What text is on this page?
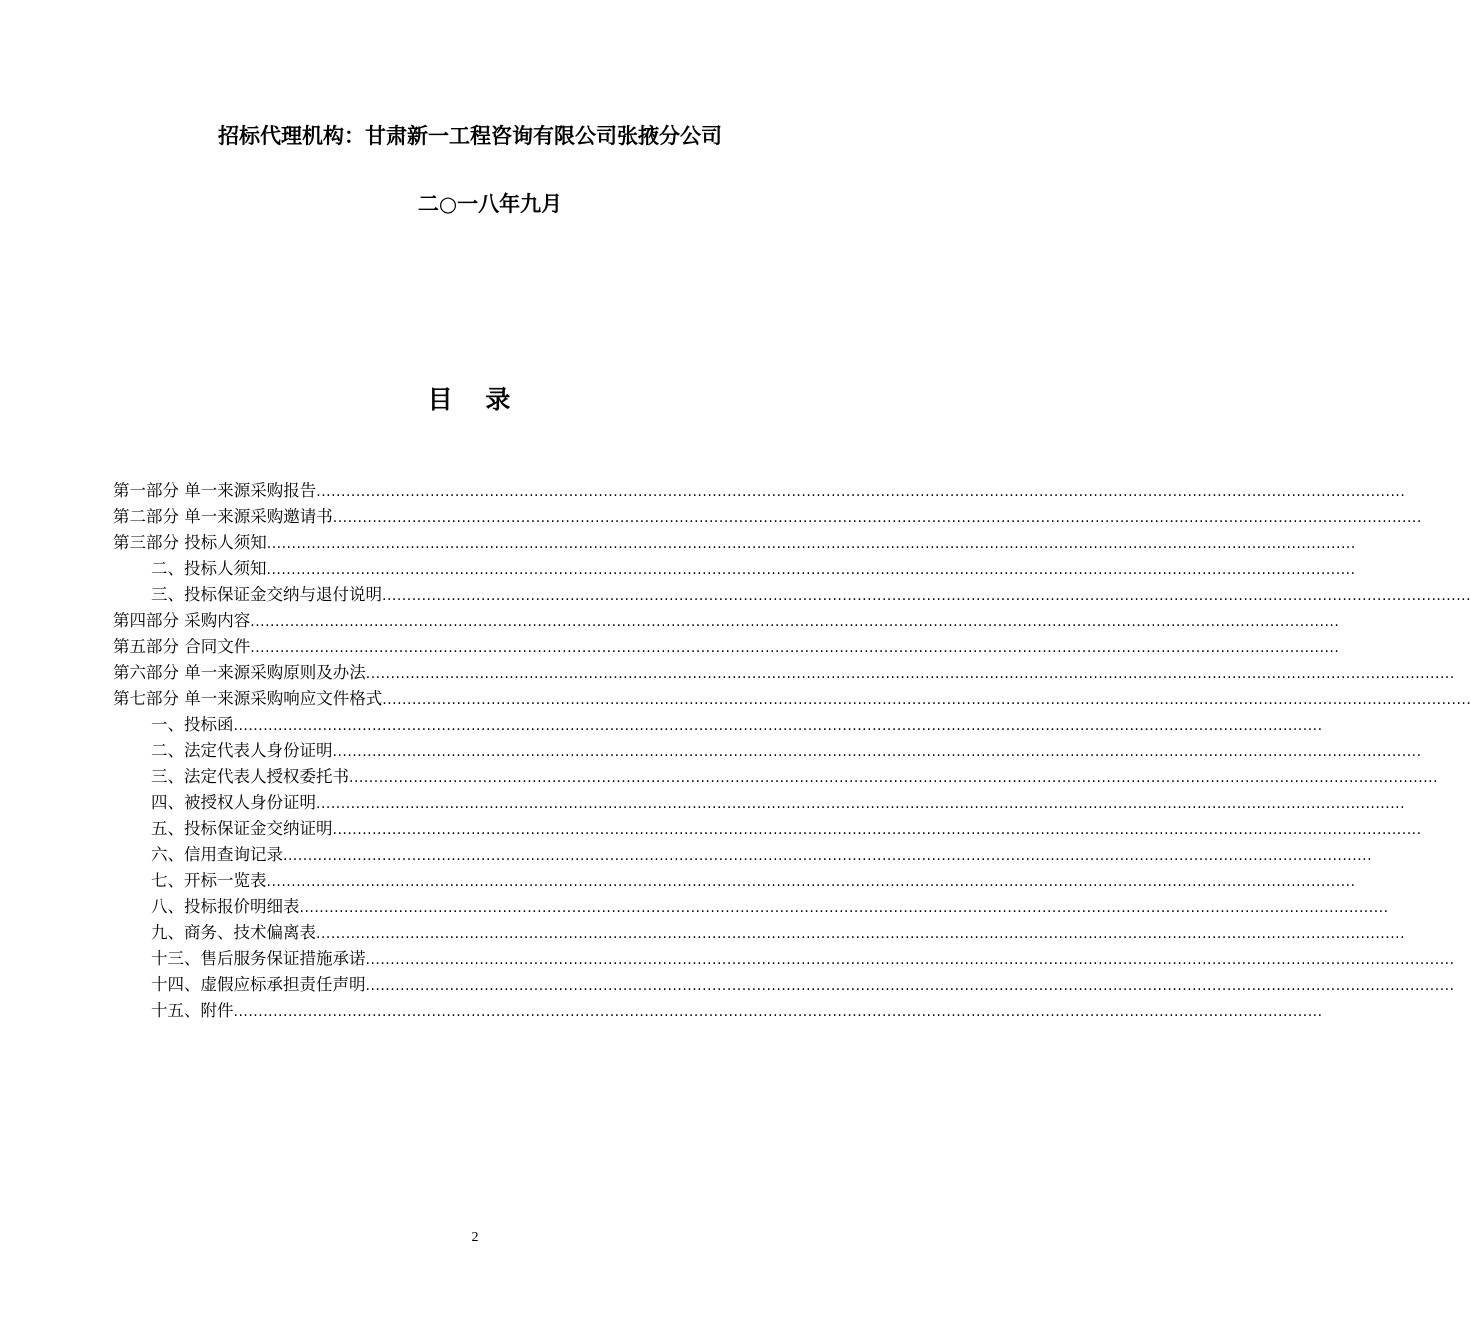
招标代理机构：甘肃新一工程咨询有限公司张掖分公司
二○一八年九月
目 录
第一部分 单一来源采购报告 ............................................................................................................................................................................................................................
第二部分 单一来源采购邀请书 ............................................................................................................................................................................................................................
第三部分 投标人须知 ............................................................................................................................................................................................................................
二、投标人须知 ............................................................................................................................................................................................................................
三、投标保证金交纳与退付说明 ............................................................................................................................................................................................................................
第四部分 采购内容 ............................................................................................................................................................................................................................
第五部分 合同文件 ............................................................................................................................................................................................................................
第六部分 单一来源采购原则及办法 ............................................................................................................................................................................................................................
第七部分 单一来源采购响应文件格式 ............................................................................................................................................................................................................................
一、投标函 ............................................................................................................................................................................................................................
二、法定代表人身份证明 ............................................................................................................................................................................................................................
三、法定代表人授权委托书 ............................................................................................................................................................................................................................
四、被授权人身份证明 ............................................................................................................................................................................................................................
五、投标保证金交纳证明 ............................................................................................................................................................................................................................
六、信用查询记录 ............................................................................................................................................................................................................................
七、开标一览表 ............................................................................................................................................................................................................................
八、投标报价明细表 ............................................................................................................................................................................................................................
九、商务、技术偏离表 ............................................................................................................................................................................................................................
十三、售后服务保证措施承诺 ............................................................................................................................................................................................................................
十四、虚假应标承担责任声明 ............................................................................................................................................................................................................................
十五、附件 ............................................................................................................................................................................................................................
2
